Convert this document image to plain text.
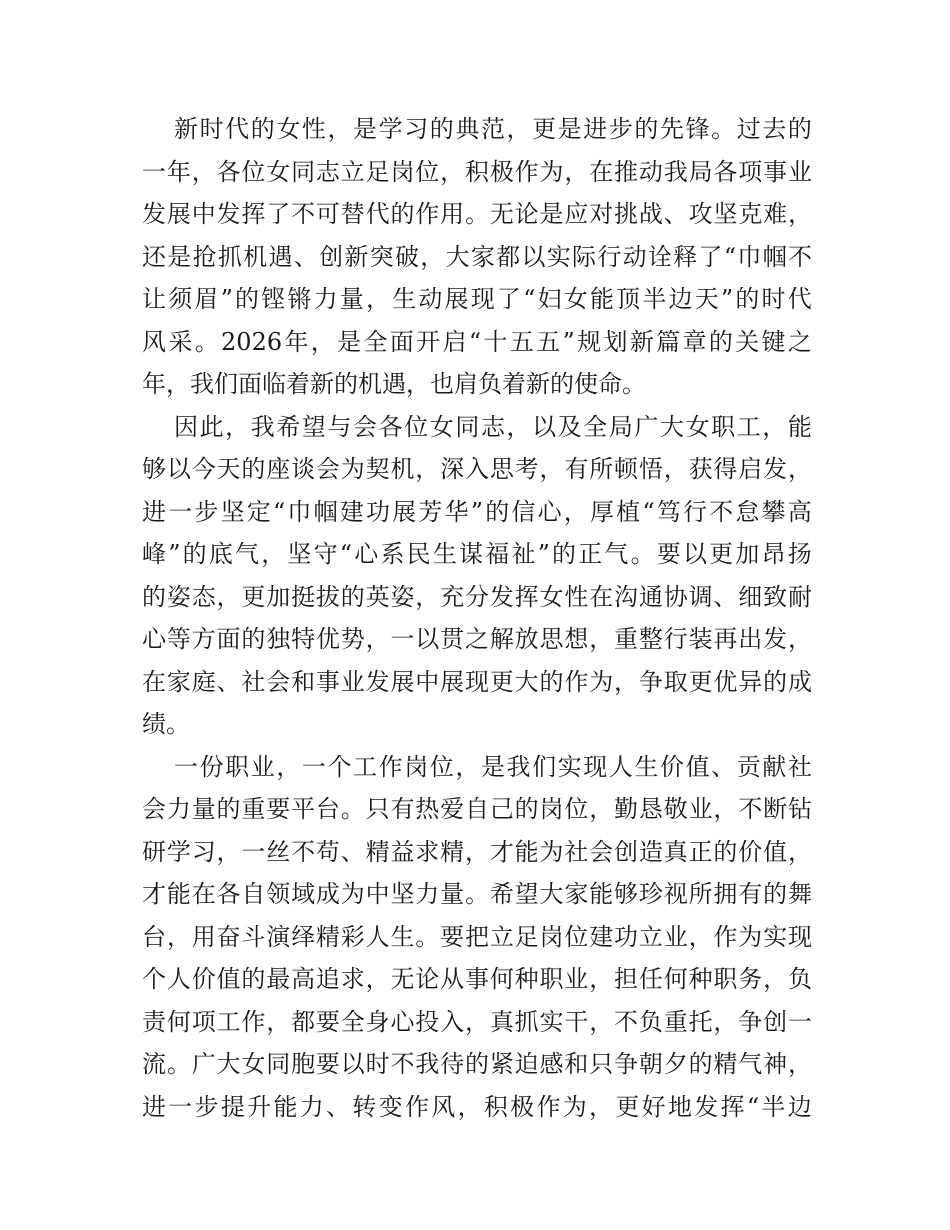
新 时 代 的 女 性 ， 是 学 习 的 典 范 ， 更 是 进 步 的 先 锋 。 过 去 的
一 年 ， 各 位 女 同 志 立 足 岗 位 ， 积 极 作 为 ， 在 推 动 我 局 各 项 事 业
发 展 中 发 挥 了 不 可 替 代 的 作 用 。 无 论 是 应 对 挑 战 、 攻 坚 克 难 ，
还 是 抢 抓 机 遇 、 创 新 突 破 ， 大 家 都 以 实 际 行 动 诠 释 了 “ 巾 帼 不
让 须 眉 ” 的 铿 锵 力 量 ， 生 动 展 现 了 “ 妇 女 能 顶 半 边 天 ” 的 时 代
风 采 。 2026 年 ， 是 全 面 开 启 “ 十 五 五 ” 规 划 新 篇 章 的 关 键 之
年，我们面临着新的机遇，也肩负着新的使命。
因 此 ， 我 希 望 与 会 各 位 女 同 志 ， 以 及 全 局 广 大 女 职 工 ， 能
够 以 今 天 的 座 谈 会 为 契 机 ， 深 入 思 考 ， 有 所 顿 悟 ， 获 得 启 发 ，
进 一 步 坚 定 “ 巾 帼 建 功 展 芳 华 ” 的 信 心 ， 厚 植 “ 笃 行 不 怠 攀 高
峰 ” 的 底 气 ， 坚 守 “ 心 系 民 生 谋 福 祉 ” 的 正 气 。 要 以 更 加 昂 扬
的 姿 态 ， 更 加 挺 拔 的 英 姿 ， 充 分 发 挥 女 性 在 沟 通 协 调 、 细 致 耐
心 等 方 面 的 独 特 优 势 ， 一 以 贯 之 解 放 思 想 ， 重 整 行 装 再 出 发 ，
在 家 庭 、 社 会 和 事 业 发 展 中 展 现 更 大 的 作 为 ， 争 取 更 优 异 的 成
绩。
一 份 职 业 ， 一 个 工 作 岗 位 ， 是 我 们 实 现 人 生 价 值 、 贡 献 社
会 力 量 的 重 要 平 台 。 只 有 热 爱 自 己 的 岗 位 ， 勤 恳 敬 业 ， 不 断 钻
研 学 习 ， 一 丝 不 苟 、 精 益 求 精 ， 才 能 为 社 会 创 造 真 正 的 价 值 ，
才 能 在 各 自 领 域 成 为 中 坚 力 量 。 希 望 大 家 能 够 珍 视 所 拥 有 的 舞
台 ， 用 奋 斗 演 绎 精 彩 人 生 。 要 把 立 足 岗 位 建 功 立 业 ， 作 为 实 现
个 人 价 值 的 最 高 追 求 ， 无 论 从 事 何 种 职 业 ， 担 任 何 种 职 务 ， 负
责 何 项 工 作 ， 都 要 全 身 心 投 入 ， 真 抓 实 干 ， 不 负 重 托 ， 争 创 一
流 。 广 大 女 同 胞 要 以 时 不 我 待 的 紧 迫 感 和 只 争 朝 夕 的 精 气 神 ，
进 一 步 提 升 能 力 、 转 变 作 风 ， 积 极 作 为 ， 更 好 地 发 挥 “ 半 边
